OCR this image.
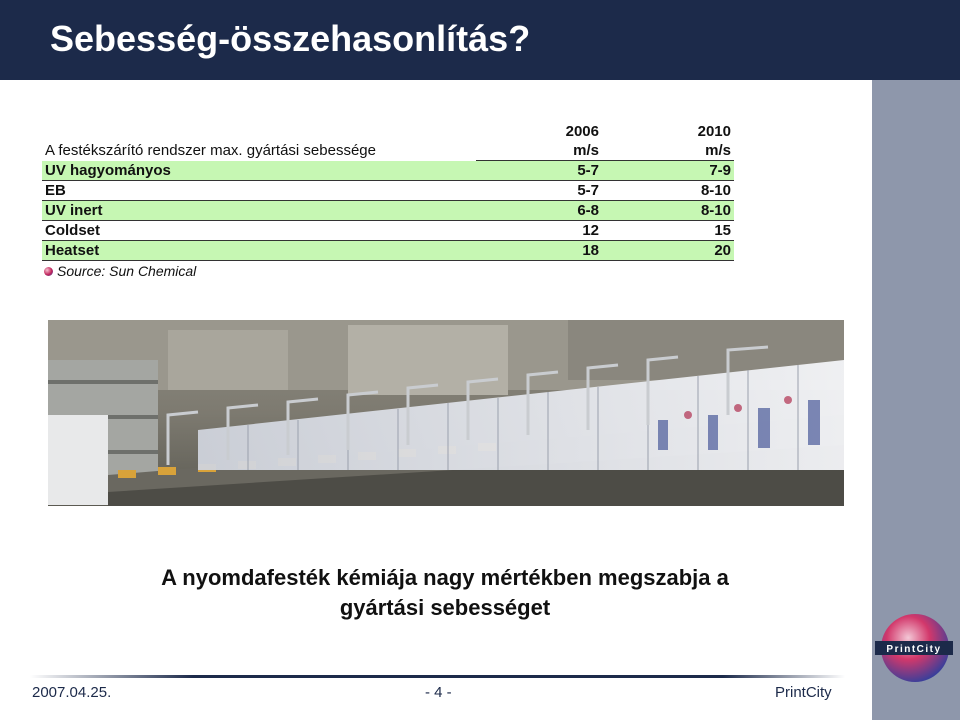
Sebesség-összehasonlítás?
	2006	2010
A festékszárító rendszer max. gyártási sebessége	m/s	m/s
UV hagyományos	5-7	7-9
EB	5-7	8-10
UV inert	6-8	8-10
Coldset	12	15
Heatset	18	20
Source: Sun Chemical
A nyomdafesték kémiája nagy mértékben megszabja a
gyártási sebességet
2007.04.25.	- 4 -	PrintCity
PrintCity
